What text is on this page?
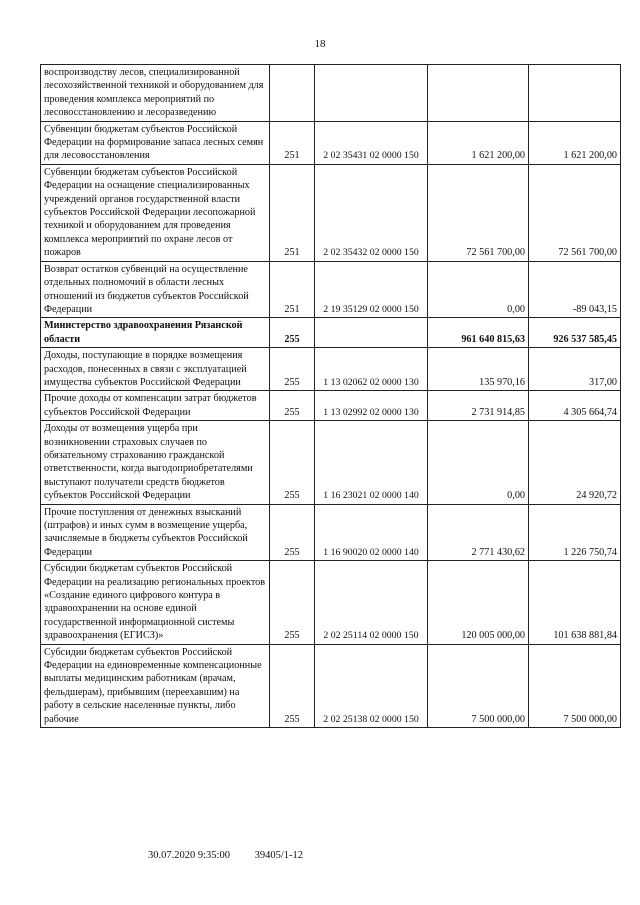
18
воспроизводству лесов, специализированной лесохозяйственной техникой и оборудованием для проведения комплекса мероприятий по лесовосстановлению и лесоразведению				
Субвенции бюджетам субъектов Российской Федерации на формирование запаса лесных семян для лесовосстановления	251	2 02 35431 02 0000 150	1 621 200,00	1 621 200,00
Субвенции бюджетам субъектов Российской Федерации на оснащение специализированных учреждений органов государственной власти субъектов Российской Федерации лесопожарной техникой и оборудованием для проведения комплекса мероприятий по охране лесов от пожаров	251	2 02 35432 02 0000 150	72 561 700,00	72 561 700,00
Возврат остатков субвенций на осуществление отдельных полномочий в области лесных отношений из бюджетов субъектов Российской Федерации	251	2 19 35129 02 0000 150	0,00	-89 043,15
Министерство здравоохранения Рязанской области	255		961 640 815,63	926 537 585,45
Доходы, поступающие в порядке возмещения расходов, понесенных в связи с эксплуатацией имущества субъектов Российской Федерации	255	1 13 02062 02 0000 130	135 970,16	317,00
Прочие доходы от компенсации затрат бюджетов субъектов Российской Федерации	255	1 13 02992 02 0000 130	2 731 914,85	4 305 664,74
Доходы от возмещения ущерба при возникновении страховых случаев по обязательному страхованию гражданской ответственности, когда выгодоприобретателями выступают получатели средств бюджетов субъектов Российской Федерации	255	1 16 23021 02 0000 140	0,00	24 920,72
Прочие поступления от денежных взысканий (штрафов) и иных сумм в возмещение ущерба, зачисляемые в бюджеты субъектов Российской Федерации	255	1 16 90020 02 0000 140	2 771 430,62	1 226 750,74
Субсидии бюджетам субъектов Российской Федерации на реализацию региональных проектов «Создание единого цифрового контура в здравоохранении на основе единой государственной информационной системы здравоохранения (ЕГИСЗ)»	255	2 02 25114 02 0000 150	120 005 000,00	101 638 881,84
Субсидии бюджетам субъектов Российской Федерации на единовременные компенсационные выплаты медицинским работникам (врачам, фельдшерам), прибывшим (переехавшим) на работу в сельские населенные пункты, либо рабочие	255	2 02 25138 02 0000 150	7 500 000,00	7 500 000,00
30.07.2020 9:35:00 39405/1-12
